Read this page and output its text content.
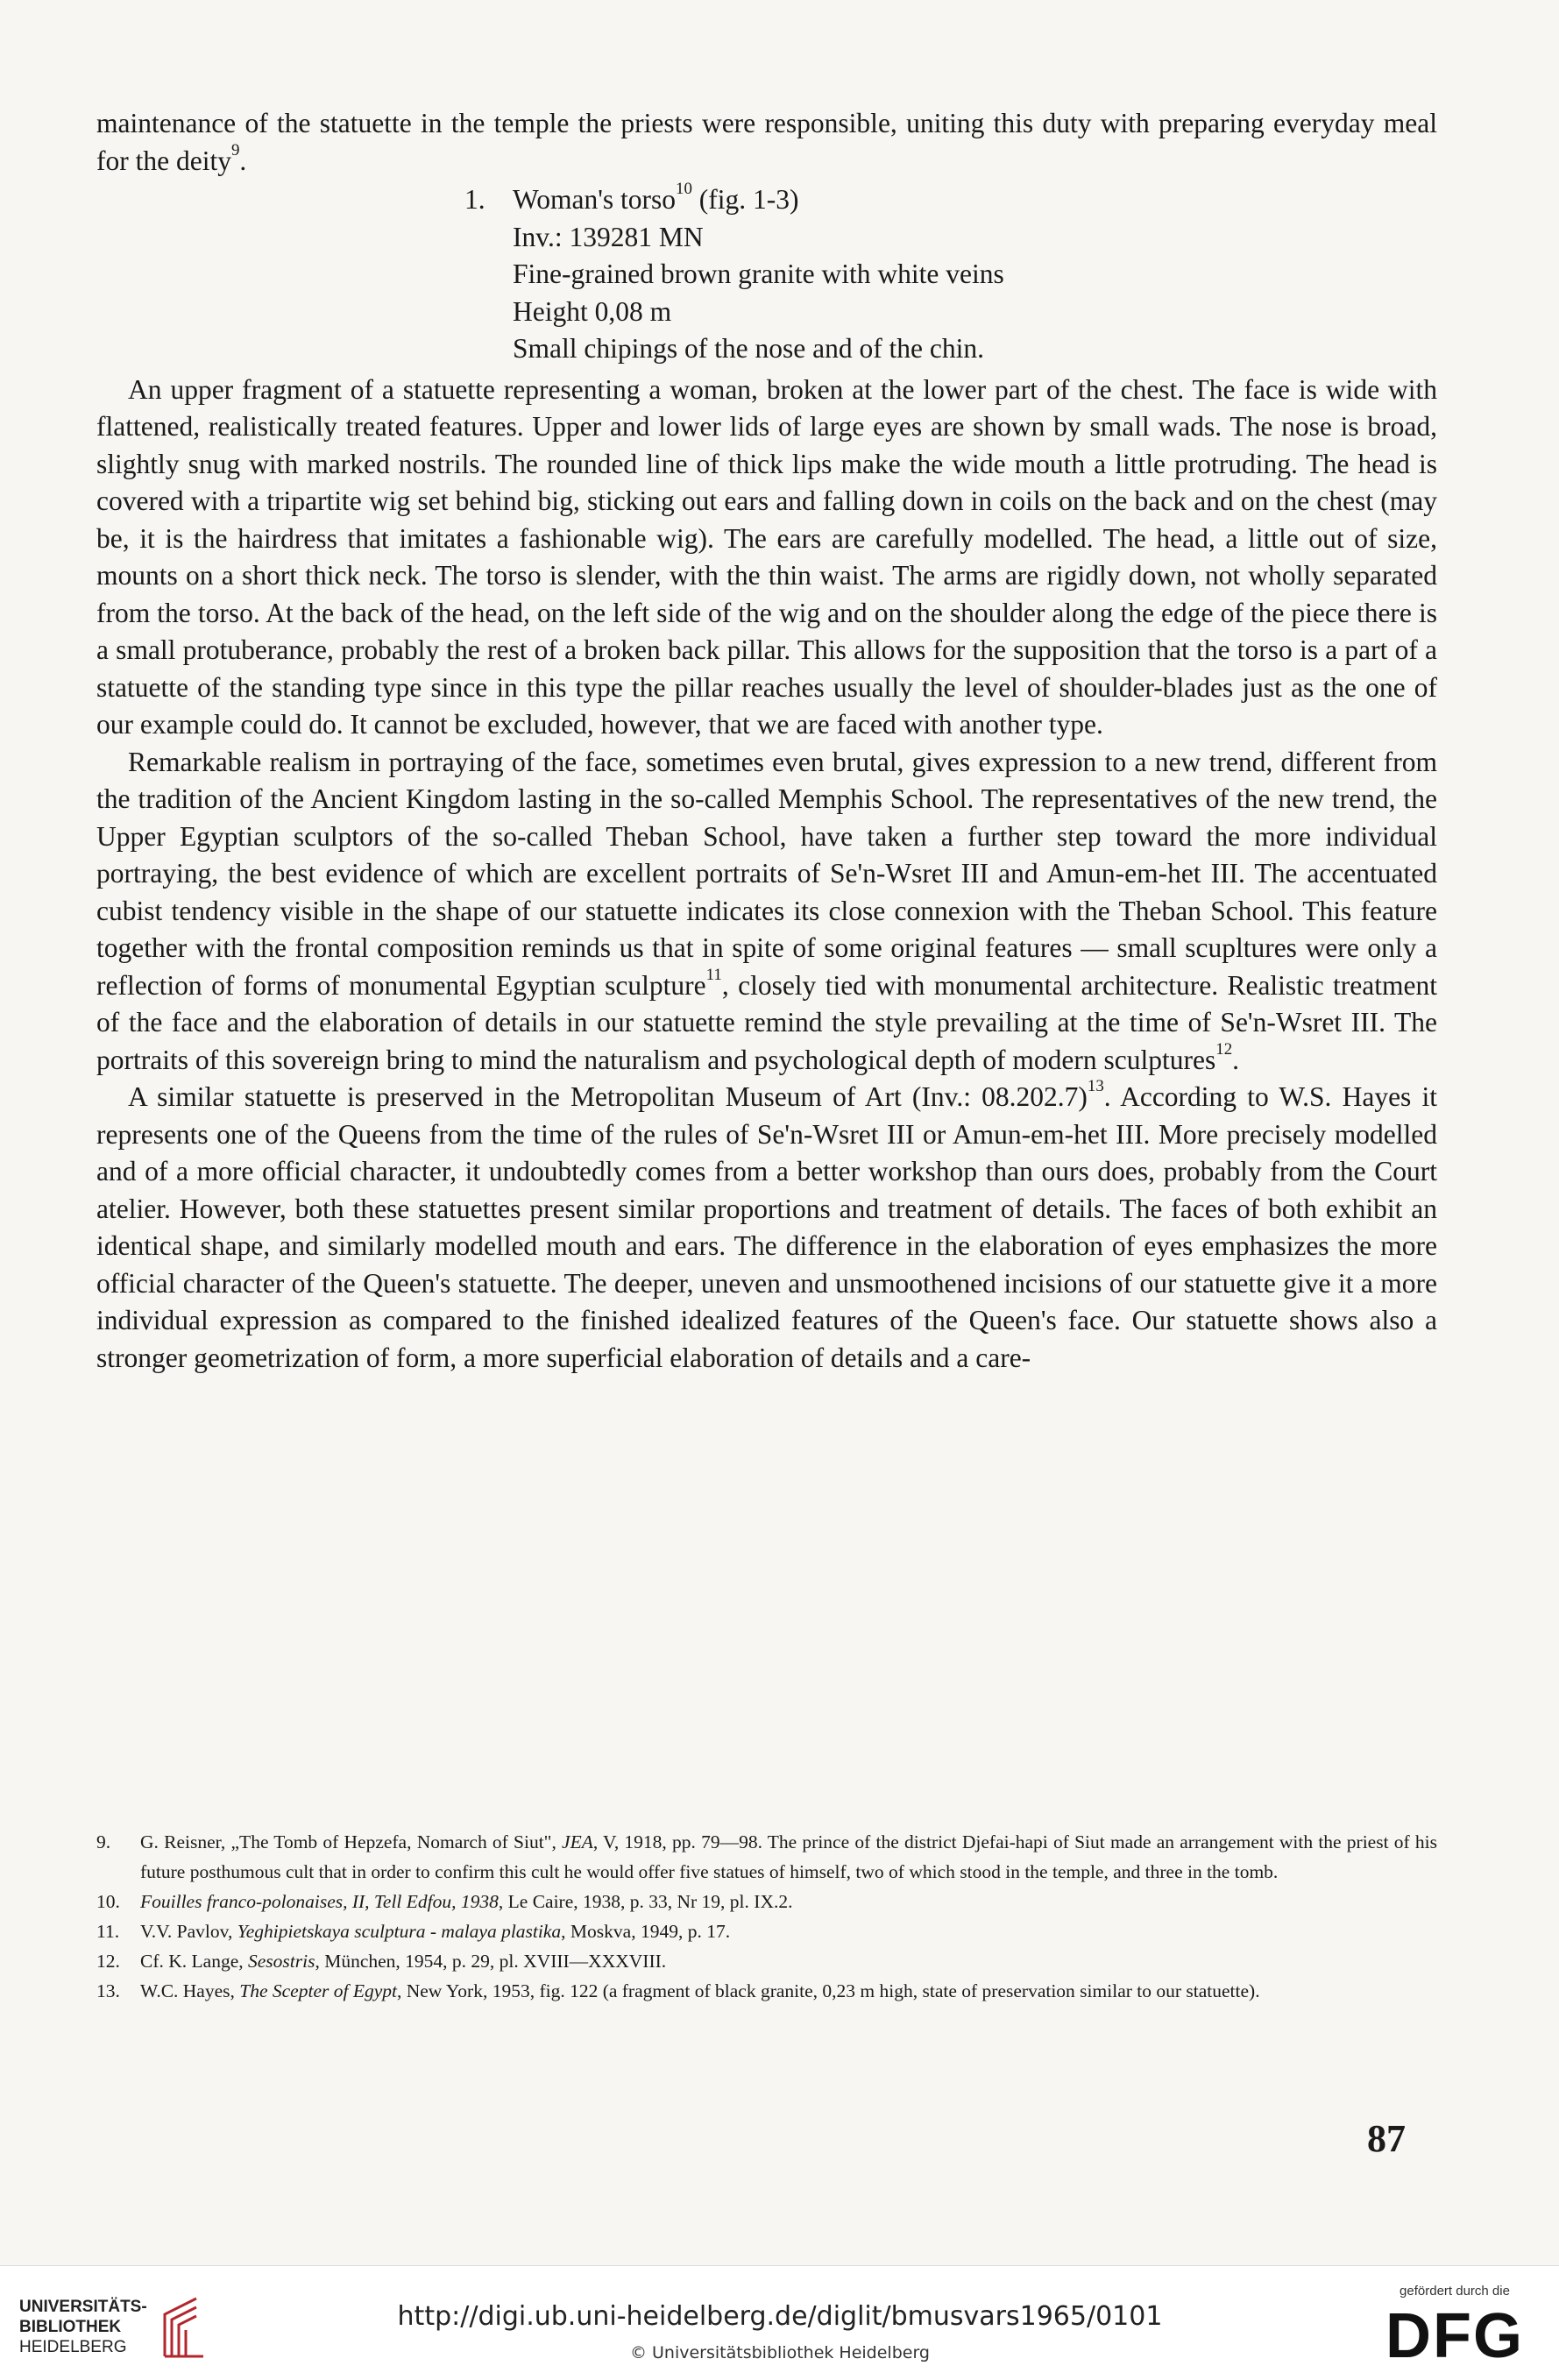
maintenance of the statuette in the temple the priests were responsible, uniting this duty with preparing everyday meal for the deity$^9$.

1. Woman's torso$^{10}$ (fig. 1-3)
Inv.: 139281 MN
Fine-grained brown granite with white veins
Height 0,08 m
Small chipings of the nose and of the chin.

An upper fragment of a statuette representing a woman, broken at the lower part of the chest. The face is wide with flattened, realistically treated features. Upper and lower lids of large eyes are shown by small wads. The nose is broad, slightly snug with marked nostrils. The rounded line of thick lips make the wide mouth a little protruding. The head is covered with a tripartite wig set behind big, sticking out ears and falling down in coils on the back and on the chest (may be, it is the hairdress that imitates a fashionable wig). The ears are carefully modelled. The head, a little out of size, mounts on a short thick neck. The torso is slender, with the thin waist. The arms are rigidly down, not wholly separated from the torso. At the back of the head, on the left side of the wig and on the shoulder along the edge of the piece there is a small protuberance, probably the rest of a broken back pillar. This allows for the supposition that the torso is a part of a statuette of the standing type since in this type the pillar reaches usually the level of shoulder-blades just as the one of our example could do. It cannot be excluded, however, that we are faced with another type.

Remarkable realism in portraying of the face, sometimes even brutal, gives expression to a new trend, different from the tradition of the Ancient Kingdom lasting in the so-called Memphis School. The representatives of the new trend, the Upper Egyptian sculptors of the so-called Theban School, have taken a further step toward the more individual portraying, the best evidence of which are excellent portraits of Se'n-Wsret III and Amun-em-het III. The accentuated cubist tendency visible in the shape of our statuette indicates its close connexion with the Theban School. This feature together with the frontal composition reminds us that in spite of some original features — small scupltures were only a reflection of forms of monumental Egyptian sculpture$^{11}$, closely tied with monumental architecture. Realistic treatment of the face and the elaboration of details in our statuette remind the style prevailing at the time of Se'n-Wsret III. The portraits of this sovereign bring to mind the naturalism and psychological depth of modern sculptures$^{12}$.

A similar statuette is preserved in the Metropolitan Museum of Art (Inv.: 08.202.7)$^{13}$. According to W.S. Hayes it represents one of the Queens from the time of the rules of Se'n-Wsret III or Amun-em-het III. More precisely modelled and of a more official character, it undoubtedly comes from a better workshop than ours does, probably from the Court atelier. However, both these statuettes present similar proportions and treatment of details. The faces of both exhibit an identical shape, and similarly modelled mouth and ears. The difference in the elaboration of eyes emphasizes the more official character of the Queen's statuette. The deeper, uneven and unsmoothened incisions of our statuette give it a more individual expression as compared to the finished idealized features of the Queen's face. Our statuette shows also a stronger geometrization of form, a more superficial elaboration of details and a care-

9.	G. Reisner, „The Tomb of Hepzefa, Nomarch of Siut", JEA, V, 1918, pp. 79—98. The prince of the district Djefai-hapi of Siut made an arrangement with the priest of his future posthumous cult that in order to confirm this cult he would offer five statues of himself, two of which stood in the temple, and three in the tomb.
10.	Fouilles franco-polonaises, II, Tell Edfou, 1938, Le Caire, 1938, p. 33, Nr 19, pl. IX.2.
11.	V.V. Pavlov, Yeghipietskaya sculptura - malaya plastika, Moskva, 1949, p. 17.
12.	Cf. K. Lange, Sesostris, München, 1954, p. 29, pl. XVIII—XXXVIII.
13.	W.C. Hayes, The Scepter of Egypt, New York, 1953, fig. 122 (a fragment of black granite, 0,23 m high, state of preservation similar to our statuette).
87
UNIVERSITÄTS-
BIBLIOTHEK
HEIDELBERG
http://digi.ub.uni-heidelberg.de/diglit/bmusvars1965/0101
© Universitätsbibliothek Heidelberg
gefördert durch die
DFG
